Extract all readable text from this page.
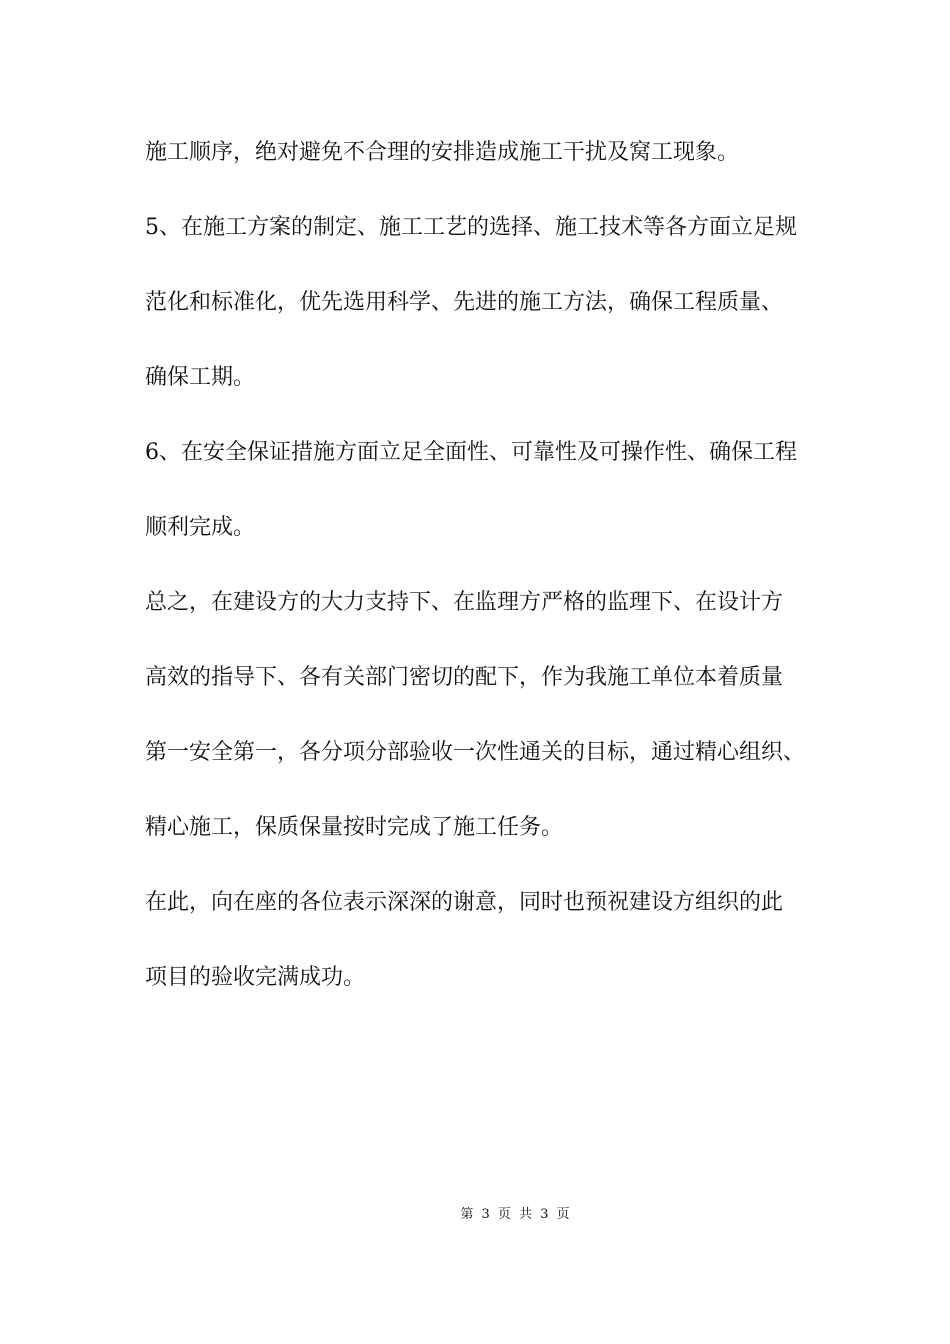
施工顺序，绝对避免不合理的安排造成施工干扰及窝工现象。
5、在施工方案的制定、施工工艺的选择、施工技术等各方面立足规
范化和标准化，优先选用科学、先进的施工方法，确保工程质量、
确保工期。
6、在安全保证措施方面立足全面性、可靠性及可操作性、确保工程
顺利完成。
总之，在建设方的大力支持下、在监理方严格的监理下、在设计方
高效的指导下、各有关部门密切的配下，作为我施工单位本着质量
第一安全第一，各分项分部验收一次性通关的目标，通过精心组织、
精心施工，保质保量按时完成了施工任务。
在此，向在座的各位表示深深的谢意，同时也预祝建设方组织的此
项目的验收完满成功。
第 3 页 共 3 页
